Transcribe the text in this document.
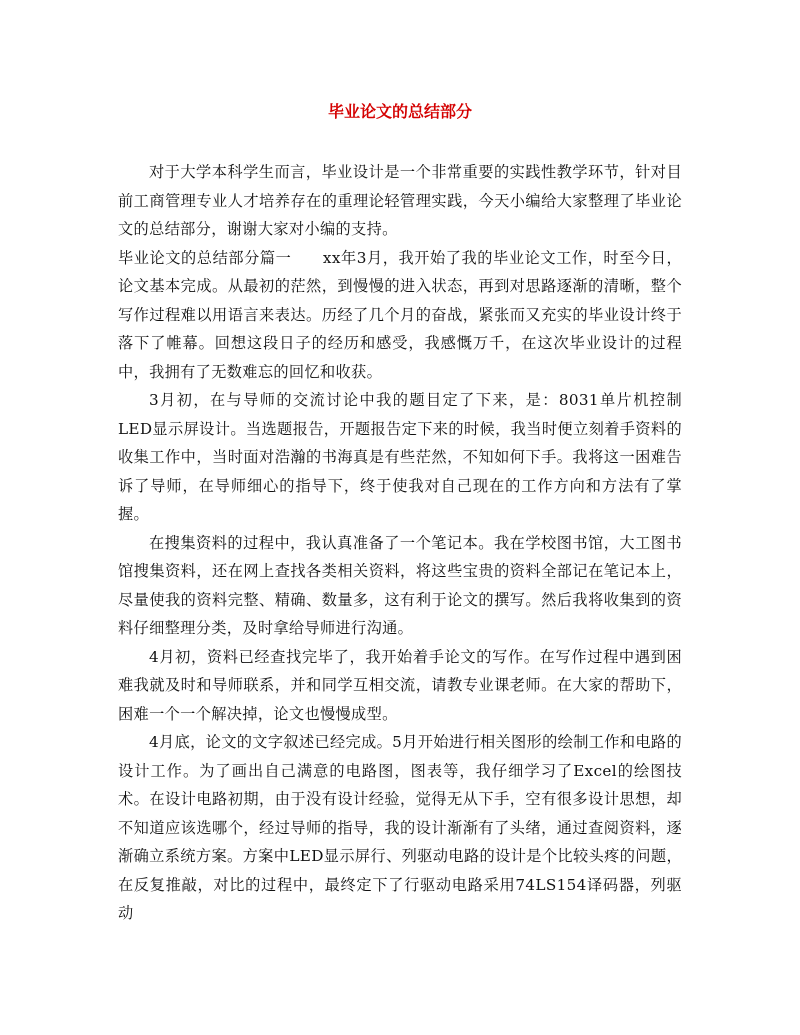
毕业论文的总结部分

对于大学本科学生而言，毕业设计是一个非常重要的实践性教学环节，针对目前工商管理专业人才培养存在的重理论轻管理实践，今天小编给大家整理了毕业论文的总结部分，谢谢大家对小编的支持。

毕业论文的总结部分篇一　　xx年3月，我开始了我的毕业论文工作，时至今日，论文基本完成。从最初的茫然，到慢慢的进入状态，再到对思路逐渐的清晰，整个写作过程难以用语言来表达。历经了几个月的奋战，紧张而又充实的毕业设计终于落下了帷幕。回想这段日子的经历和感受，我感慨万千，在这次毕业设计的过程中，我拥有了无数难忘的回忆和收获。

3月初，在与导师的交流讨论中我的题目定了下来，是：8031单片机控制LED显示屏设计。当选题报告，开题报告定下来的时候，我当时便立刻着手资料的收集工作中，当时面对浩瀚的书海真是有些茫然，不知如何下手。我将这一困难告诉了导师，在导师细心的指导下，终于使我对自己现在的工作方向和方法有了掌握。

在搜集资料的过程中，我认真准备了一个笔记本。我在学校图书馆，大工图书馆搜集资料，还在网上查找各类相关资料，将这些宝贵的资料全部记在笔记本上，尽量使我的资料完整、精确、数量多，这有利于论文的撰写。然后我将收集到的资料仔细整理分类，及时拿给导师进行沟通。

4月初，资料已经查找完毕了，我开始着手论文的写作。在写作过程中遇到困难我就及时和导师联系，并和同学互相交流，请教专业课老师。在大家的帮助下，困难一个一个解决掉，论文也慢慢成型。

4月底，论文的文字叙述已经完成。5月开始进行相关图形的绘制工作和电路的设计工作。为了画出自己满意的电路图，图表等，我仔细学习了Excel的绘图技术。在设计电路初期，由于没有设计经验，觉得无从下手，空有很多设计思想，却不知道应该选哪个，经过导师的指导，我的设计渐渐有了头绪，通过查阅资料，逐渐确立系统方案。方案中LED显示屏行、列驱动电路的设计是个比较头疼的问题，在反复推敲，对比的过程中，最终定下了行驱动电路采用74LS154译码器，列驱动
